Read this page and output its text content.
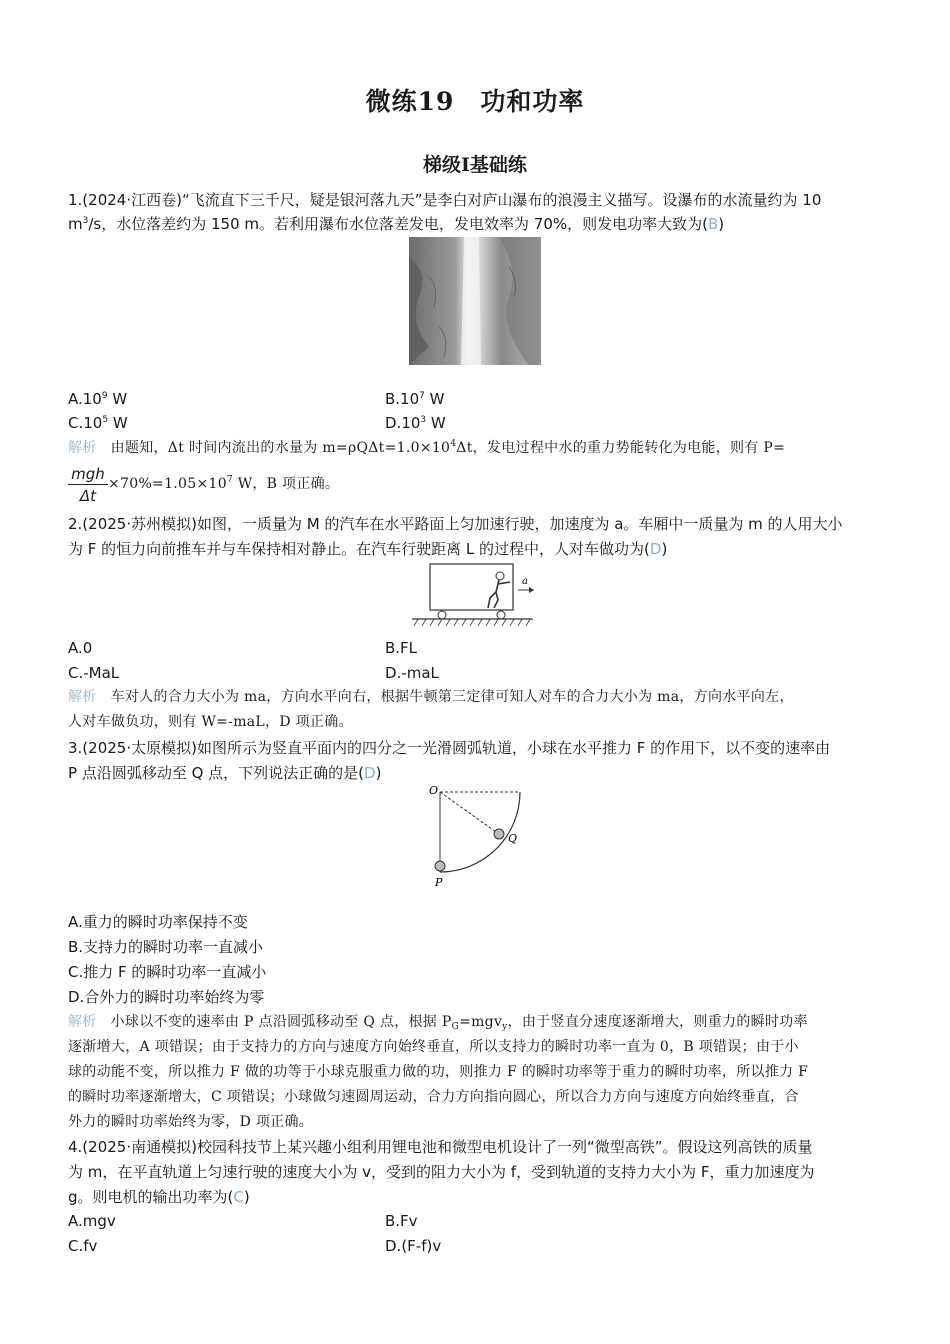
微练19　功和功率
梯级Ⅰ基础练
1.(2024·江西卷)“飞流直下三千尺，疑是银河落九天”是李白对庐山瀑布的浪漫主义描写。设瀑布的水流量约为 10
$m^3/s$，水位落差约为 150 m。若利用瀑布水位落差发电，发电效率为 70%，则发电功率大致为(B)
$A.10^9$ W	$B.10^7$ W
$C.10^5$ W	$D.10^3$ W
解析 由题知，Δt 时间内流出的水量为 $m=\rho Q\Delta t=1.0\times 10^4\Delta t$，发电过程中水的重力势能转化为电能，则有 P=
mgh
Δt
$\times 70\%=1.05\times 10^7$ W，B 项正确。
2.(2025·苏州模拟)如图，一质量为 M 的汽车在水平路面上匀加速行驶，加速度为 a。车厢中一质量为 m 的人用大小
为 F 的恒力向前推车并与车保持相对静止。在汽车行驶距离 L 的过程中，人对车做功为(D)
a
A.0	B.FL
C.-MaL	D.-maL
解析 车对人的合力大小为 ma，方向水平向右，根据牛顿第三定律可知人对车的合力大小为 ma，方向水平向左，
人对车做负功，则有 W=-maL，D 项正确。
3.(2025·太原模拟)如图所示为竖直平面内的四分之一光滑圆弧轨道，小球在水平推力 F 的作用下，以不变的速率由
P 点沿圆弧移动至 Q 点，下列说法正确的是(D)
O
Q
P
A.重力的瞬时功率保持不变
B.支持力的瞬时功率一直减小
C.推力 F 的瞬时功率一直减小
D.合外力的瞬时功率始终为零
解析 小球以不变的速率由 P 点沿圆弧移动至 Q 点，根据 $P_G=mgv_y$，由于竖直分速度逐渐增大，则重力的瞬时功率
逐渐增大，A 项错误；由于支持力的方向与速度方向始终垂直，所以支持力的瞬时功率一直为 0，B 项错误；由于小
球的动能不变，所以推力 F 做的功等于小球克服重力做的功，则推力 F 的瞬时功率等于重力的瞬时功率，所以推力 F
的瞬时功率逐渐增大，C 项错误；小球做匀速圆周运动，合力方向指向圆心，所以合力方向与速度方向始终垂直，合
外力的瞬时功率始终为零，D 项正确。
4.(2025·南通模拟)校园科技节上某兴趣小组利用锂电池和微型电机设计了一列“微型高铁”。假设这列高铁的质量
为 m，在平直轨道上匀速行驶的速度大小为 v，受到的阻力大小为 f，受到轨道的支持力大小为 F，重力加速度为
g。则电机的输出功率为(C)
A.mgv	B.Fv
C.fv	D.(F-f)v
